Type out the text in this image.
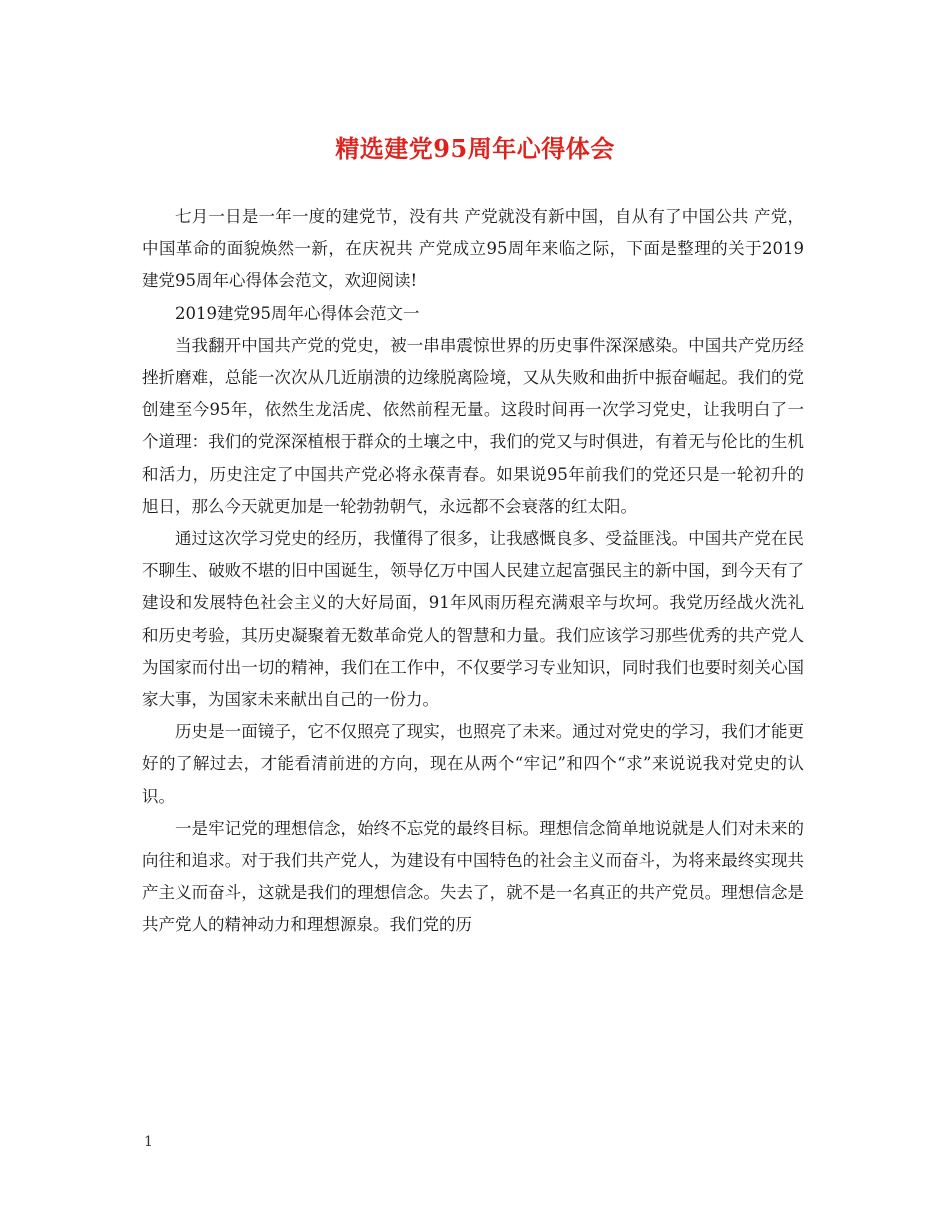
精选建党95周年心得体会

七月一日是一年一度的建党节，没有共 产党就没有新中国，自从有了中国公共 产党，中国革命的面貌焕然一新，在庆祝共 产党成立95周年来临之际，下面是整理的关于2019建党95周年心得体会范文，欢迎阅读!

2019建党95周年心得体会范文一

当我翻开中国共产党的党史，被一串串震惊世界的历史事件深深感染。中国共产党历经挫折磨难，总能一次次从几近崩溃的边缘脱离险境，又从失败和曲折中振奋崛起。我们的党创建至今95年，依然生龙活虎、依然前程无量。这段时间再一次学习党史，让我明白了一个道理：我们的党深深植根于群众的土壤之中，我们的党又与时俱进，有着无与伦比的生机和活力，历史注定了中国共产党必将永葆青春。如果说95年前我们的党还只是一轮初升的旭日，那么今天就更加是一轮勃勃朝气，永远都不会衰落的红太阳。

通过这次学习党史的经历，我懂得了很多，让我感慨良多、受益匪浅。中国共产党在民不聊生、破败不堪的旧中国诞生，领导亿万中国人民建立起富强民主的新中国，到今天有了建设和发展特色社会主义的大好局面，91年风雨历程充满艰辛与坎坷。我党历经战火洗礼和历史考验，其历史凝聚着无数革命党人的智慧和力量。我们应该学习那些优秀的共产党人为国家而付出一切的精神，我们在工作中，不仅要学习专业知识，同时我们也要时刻关心国家大事，为国家未来献出自己的一份力。

历史是一面镜子，它不仅照亮了现实，也照亮了未来。通过对党史的学习，我们才能更好的了解过去，才能看清前进的方向，现在从两个“牢记”和四个“求”来说说我对党史的认识。

一是牢记党的理想信念，始终不忘党的最终目标。理想信念简单地说就是人们对未来的向往和追求。对于我们共产党人，为建设有中国特色的社会主义而奋斗，为将来最终实现共产主义而奋斗，这就是我们的理想信念。失去了，就不是一名真正的共产党员。理想信念是共产党人的精神动力和理想源泉。我们党的历

1
